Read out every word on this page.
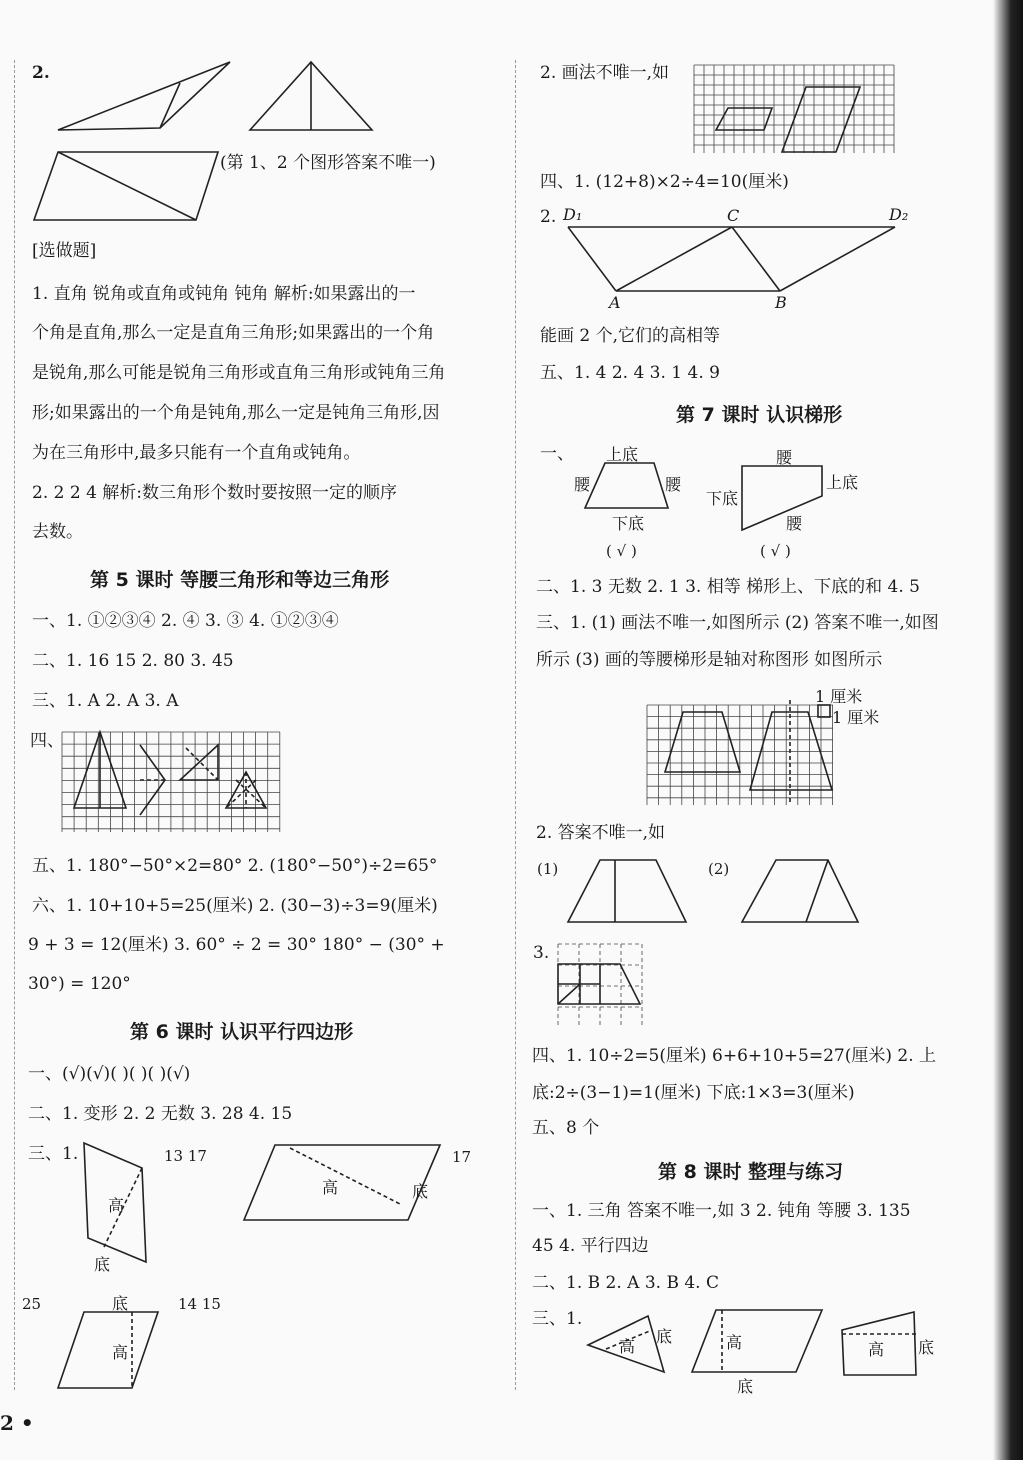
2.
(第 1、2 个图形答案不唯一)
[选做题]
1. 直角 锐角或直角或钝角 钝角 解析:如果露出的一
个角是直角,那么一定是直角三角形;如果露出的一个角
是锐角,那么可能是锐角三角形或直角三角形或钝角三角
形;如果露出的一个角是钝角,那么一定是钝角三角形,因
为在三角形中,最多只能有一个直角或钝角。
2. 2 2 4 解析:数三角形个数时要按照一定的顺序
去数。
第 5 课时 等腰三角形和等边三角形
一、1. ①②③④ 2. ④ 3. ③ 4. ①②③④
二、1. 16 15 2. 80 3. 45
三、1. A 2. A 3. A
四、
五、1. 180°−50°×2=80° 2. (180°−50°)÷2=65°
六、1. 10+10+5=25(厘米) 2. (30−3)÷3=9(厘米)
9 + 3 = 12(厘米) 3. 60° ÷ 2 = 30° 180° − (30° +
30°) = 120°
第 6 课时 认识平行四边形
一、(√)(√)( )( )( )(√)
二、1. 变形 2. 2 无数 3. 28 4. 15
三、1.	13 17	17
高
底
高	底
25	底	14 15
高
2 •
2. 画法不唯一,如
四、1. (12+8)×2÷4=10(厘米)
2. D₁	C	D₂
A	B
能画 2 个,它们的高相等
五、1. 4 2. 4 3. 1 4. 9
第 7 课时 认识梯形
一、 上底
腰	腰
下底
( √ )
腰
上底
下底
腰
( √ )
二、1. 3 无数 2. 1 3. 相等 梯形上、下底的和 4. 5
三、1. (1) 画法不唯一,如图所示 (2) 答案不唯一,如图
所示 (3) 画的等腰梯形是轴对称图形 如图所示
1 厘米
1 厘米
2. 答案不唯一,如
(1)	(2)
3.
四、1. 10÷2=5(厘米) 6+6+10+5=27(厘米) 2. 上
底:2÷(3−1)=1(厘米) 下底:1×3=3(厘米)
五、8 个
第 8 课时 整理与练习
一、1. 三角 答案不唯一,如 3 2. 钝角 等腰 3. 135
45 4. 平行四边
二、1. B 2. A 3. B 4. C
三、1.
高
底	高
底
高 底
